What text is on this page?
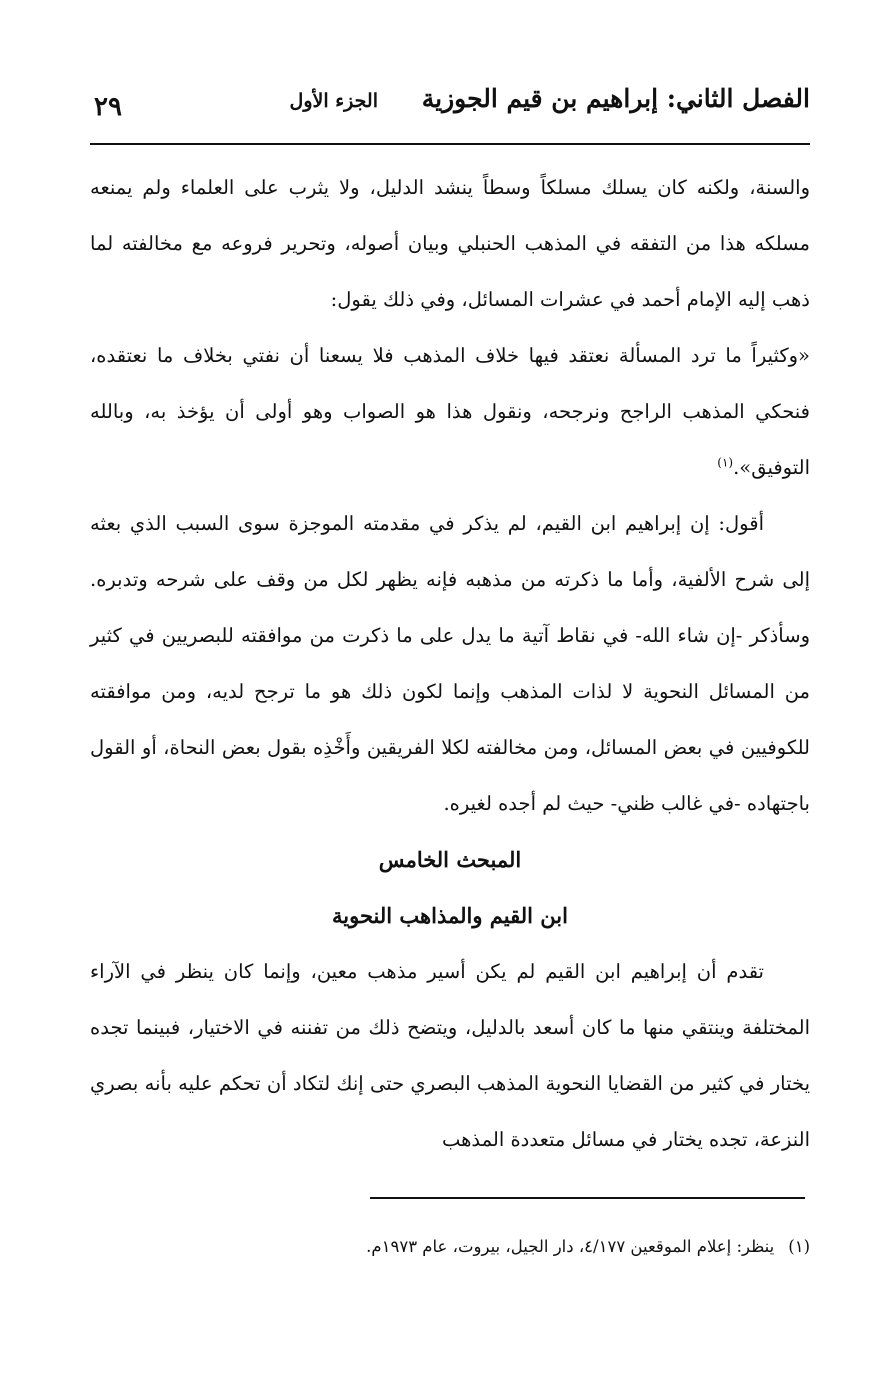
الفصل الثاني: إبراهيم بن قيم الجوزية
الجزء الأول
٢٩

والسنة، ولكنه كان يسلك مسلكاً وسطاً ينشد الدليل، ولا يثرب على العلماء ولم يمنعه مسلكه هذا من التفقه في المذهب الحنبلي وبيان أصوله، وتحرير فروعه مع مخالفته لما ذهب إليه الإمام أحمد في عشرات المسائل، وفي ذلك يقول:

«وكثيراً ما ترد المسألة نعتقد فيها خلاف المذهب فلا يسعنا أن نفتي بخلاف ما نعتقده، فنحكي المذهب الراجح ونرجحه، ونقول هذا هو الصواب وهو أولى أن يؤخذ به، وبالله التوفيق».$^{(١)}$

أقول: إن إبراهيم ابن القيم، لم يذكر في مقدمته الموجزة سوى السبب الذي بعثه إلى شرح الألفية، وأما ما ذكرته من مذهبه فإنه يظهر لكل من وقف على شرحه وتدبره. وسأذكر -إن شاء الله- في نقاط آتية ما يدل على ما ذكرت من موافقته للبصريين في كثير من المسائل النحوية لا لذات المذهب وإنما لكون ذلك هو ما ترجح لديه، ومن موافقته للكوفيين في بعض المسائل، ومن مخالفته لكلا الفريقين وأَخْذِه بقول بعض النحاة، أو القول باجتهاده -في غالب ظني- حيث لم أجده لغيره.

المبحث الخامس

ابن القيم والمذاهب النحوية

تقدم أن إبراهيم ابن القيم لم يكن أسير مذهب معين، وإنما كان ينظر في الآراء المختلفة وينتقي منها ما كان أسعد بالدليل، ويتضح ذلك من تفننه في الاختيار، فبينما تجده يختار في كثير من القضايا النحوية المذهب البصري حتى إنك لتكاد أن تحكم عليه بأنه بصري النزعة، تجده يختار في مسائل متعددة المذهب

(١)ينظر: إعلام الموقعين ٤/١٧٧، دار الجيل، بيروت، عام ١٩٧٣م.
